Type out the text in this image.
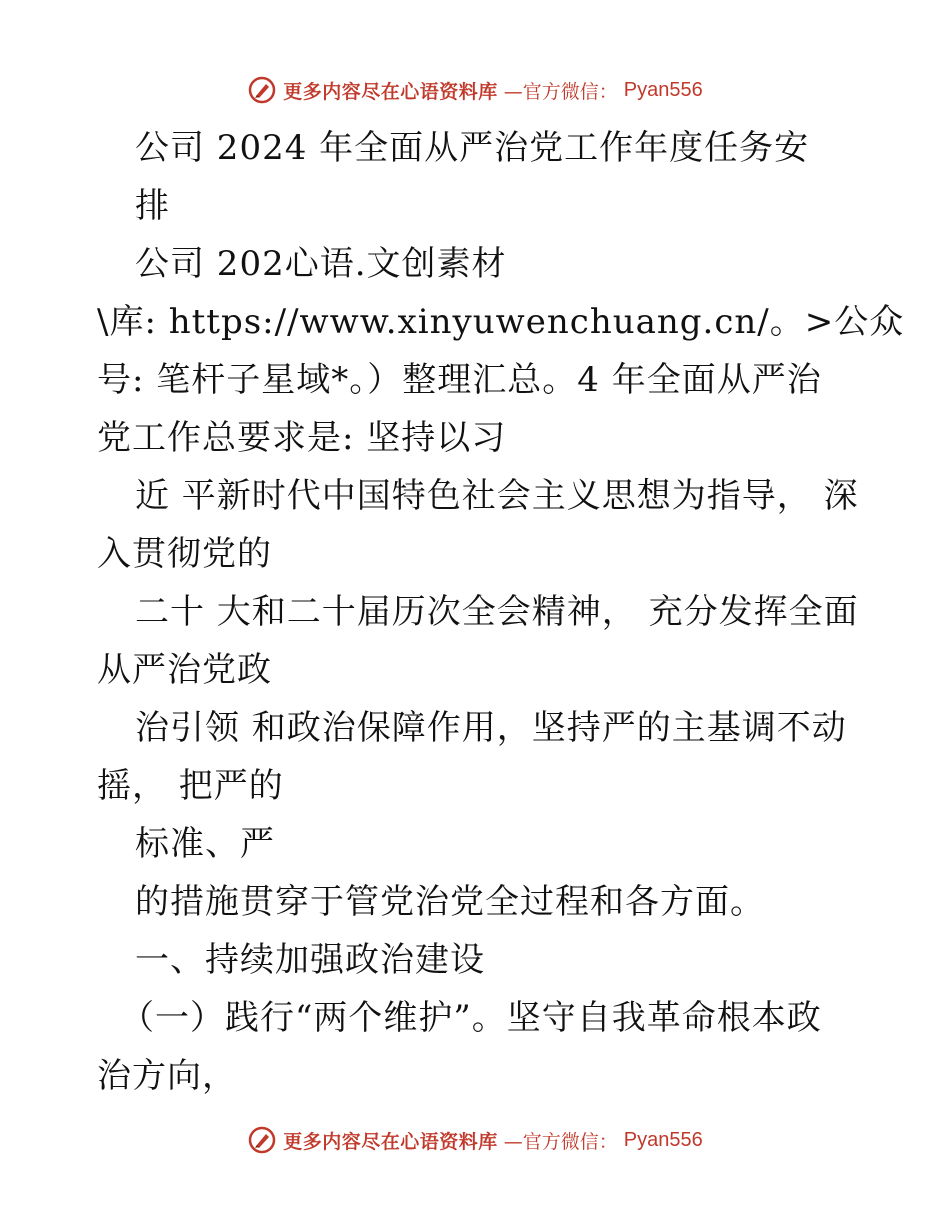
更多内容尽在心语资料库 —官方微信： Pyan556
公司 2024 年全面从严治党工作年度任务安
排
公司 202心语.文创素材
\库: https://www.xinyuwenchuang.cn/。>公众
号: 笔杆子星域*。）整理汇总。4 年全面从严治
党工作总要求是: 坚持以习
近 平新时代中国特色社会主义思想为指导， 深
入贯彻党的
二十 大和二十届历次全会精神， 充分发挥全面
从严治党政
治引领 和政治保障作用，坚持严的主基调不动
摇， 把严的
标准、严
的措施贯穿于管党治党全过程和各方面。
一、持续加强政治建设
（一）践行“两个维护”。坚守自我革命根本政
治方向，
更多内容尽在心语资料库 —官方微信： Pyan556
